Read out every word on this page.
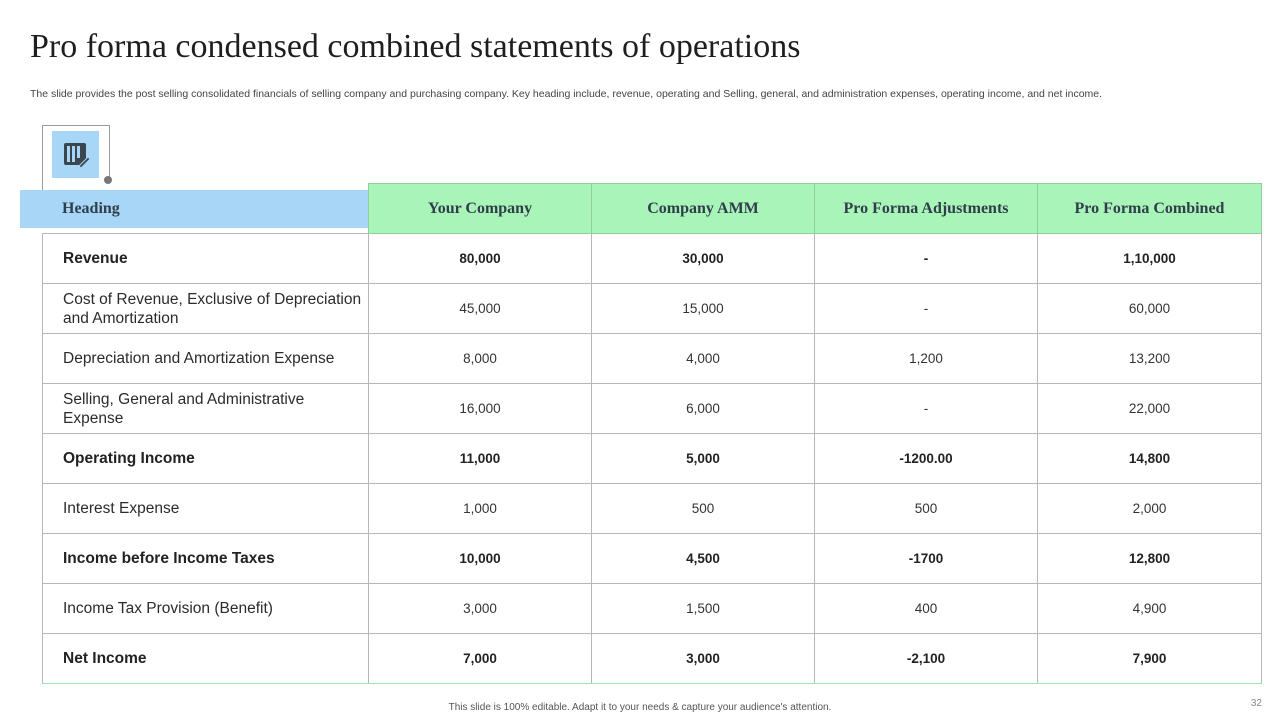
Pro forma condensed combined statements of operations
The slide provides the post selling consolidated financials of selling company and purchasing company. Key heading include, revenue, operating and Selling, general, and administration expenses, operating income, and net income.
	Your Company	Company AMM	Pro Forma Adjustments	Pro Forma Combined
Revenue	80,000	30,000	-	1,10,000
Cost of Revenue, Exclusive of Depreciation and Amortization	45,000	15,000	-	60,000
Depreciation and Amortization Expense	8,000	4,000	1,200	13,200
Selling, General and Administrative Expense	16,000	6,000	-	22,000
Operating Income	11,000	5,000	-1200.00	14,800
Interest Expense	1,000	500	500	2,000
Income before Income Taxes	10,000	4,500	-1700	12,800
Income Tax Provision (Benefit)	3,000	1,500	400	4,900
Net Income	7,000	3,000	-2,100	7,900
Heading
This slide is 100% editable. Adapt it to your needs & capture your audience's attention.	32
